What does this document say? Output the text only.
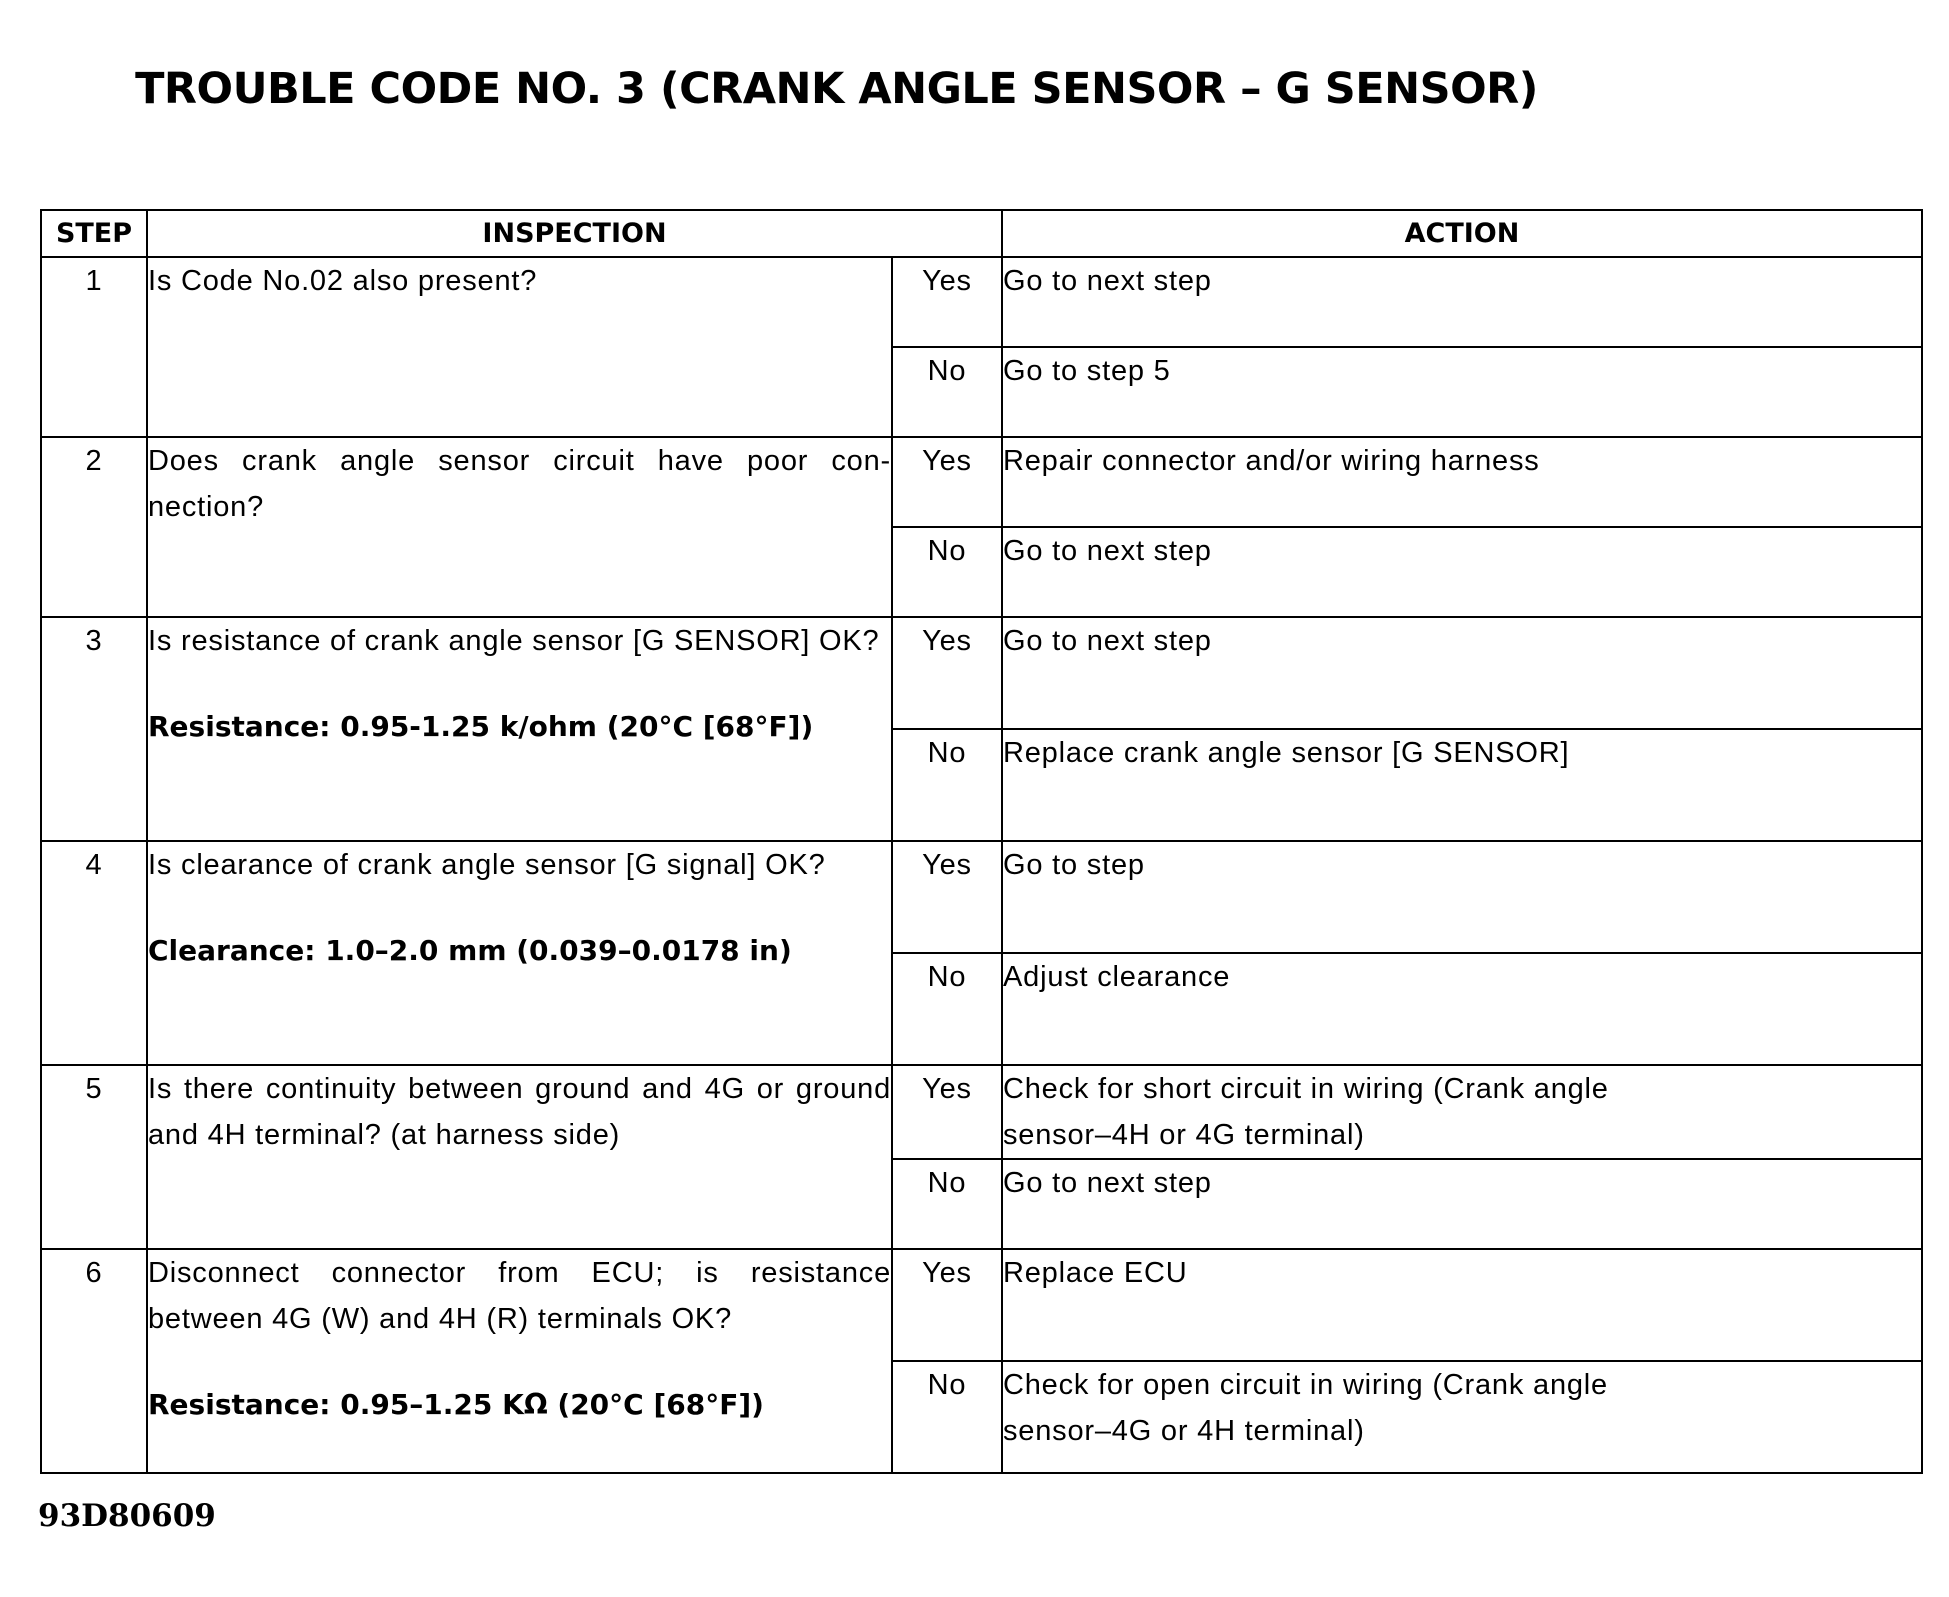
TROUBLE CODE NO. 3 (CRANK ANGLE SENSOR – G SENSOR)
STEP	INSPECTION		ACTION
1	Is Code No.02 also present?	Yes	Go to next step
		No	Go to step 5
2	Does crank angle sensor circuit have poor con-nection?	Yes	Repair connector and/or wiring harness
		No	Go to next step
3	Is resistance of crank angle sensor [G SENSOR] OK?
Resistance: 0.95-1.25 k/ohm (20°C [68°F])	Yes	Go to next step
		No	Replace crank angle sensor [G SENSOR]
4	Is clearance of crank angle sensor [G signal] OK?
Clearance: 1.0–2.0 mm (0.039–0.0178 in)	Yes	Go to step
		No	Adjust clearance
5	Is there continuity between ground and 4G or ground and 4H terminal? (at harness side)	Yes	Check for short circuit in wiring (Crank angle sensor–4H or 4G terminal)
		No	Go to next step
6	Disconnect connector from ECU; is resistance between 4G (W) and 4H (R) terminals OK?
Resistance: 0.95–1.25 KΩ (20°C [68°F])	Yes	Replace ECU
		No	Check for open circuit in wiring (Crank angle sensor–4G or 4H terminal)
93D80609
